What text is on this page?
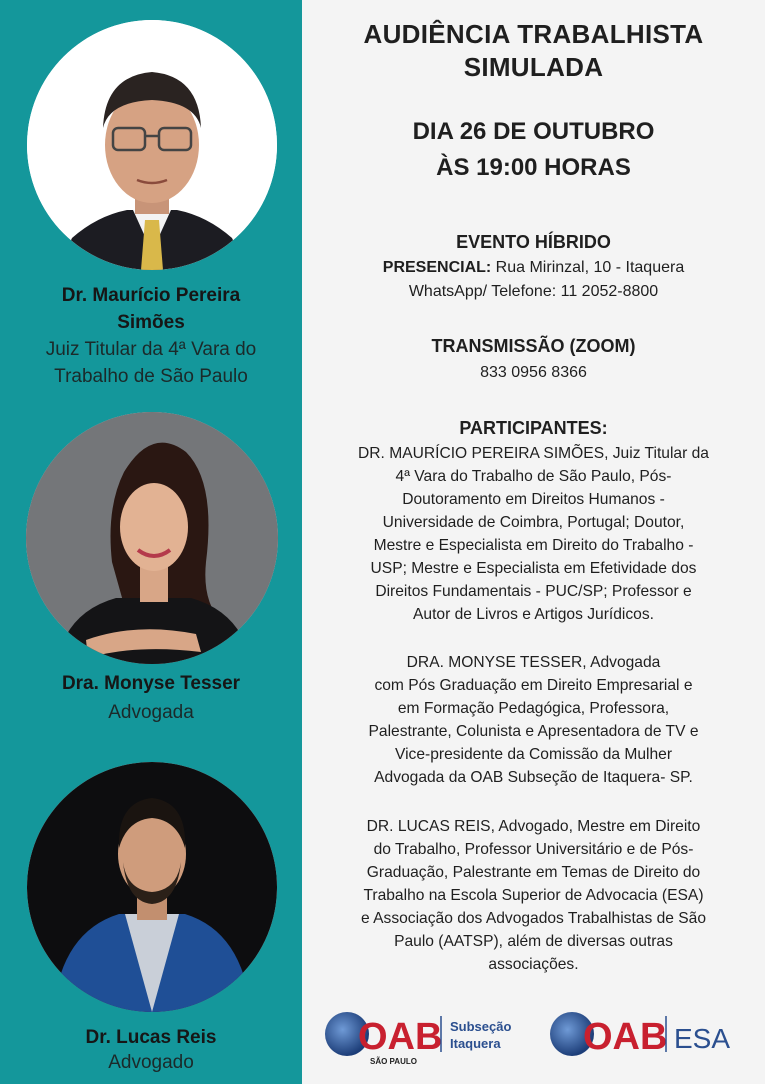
Dr. Maurício Pereira
Simões
Juiz Titular da 4ª Vara do
Trabalho de São Paulo
Dra. Monyse Tesser
Advogada
Dr. Lucas Reis
Advogado
AUDIÊNCIA TRABALHISTA
SIMULADA
DIA 26 DE OUTUBRO
ÀS 19:00 HORAS
EVENTO HÍBRIDO
PRESENCIAL: Rua Mirinzal, 10 - Itaquera
WhatsApp/ Telefone: 11 2052-8800
TRANSMISSÃO (ZOOM)
833 0956 8366
PARTICIPANTES:
DR. MAURÍCIO PEREIRA SIMÕES, Juiz Titular da
4ª Vara do Trabalho de São Paulo, Pós-
Doutoramento em Direitos Humanos -
Universidade de Coimbra, Portugal; Doutor,
Mestre e Especialista em Direito do Trabalho -
USP; Mestre e Especialista em Efetividade dos
Direitos Fundamentais - PUC/SP; Professor e
Autor de Livros e Artigos Jurídicos.
DRA. MONYSE TESSER, Advogada
com Pós Graduação em Direito Empresarial e
em Formação Pedagógica, Professora,
Palestrante, Colunista e Apresentadora de TV e
Vice-presidente da Comissão da Mulher
Advogada da OAB Subseção de Itaquera- SP.
DR. LUCAS REIS, Advogado, Mestre em Direito
do Trabalho, Professor Universitário e de Pós-
Graduação, Palestrante em Temas de Direito do
Trabalho na Escola Superior de Advocacia (ESA)
e Associação dos Advogados Trabalhistas de São
Paulo (AATSP), além de diversas outras
associações.
OAB
SÃO PAULO
Subseção
Itaquera OAB ESA
